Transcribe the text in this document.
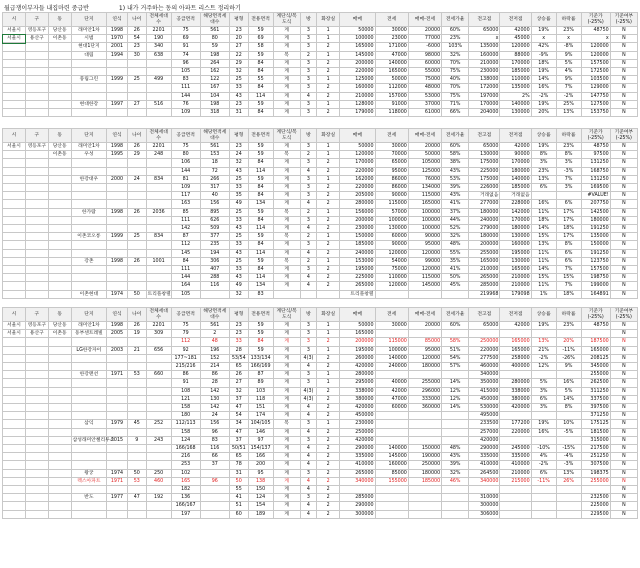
월급쟁이부자들 내집마련 중급반	1) 내가 거주하는 동의 아파트 리스트 정리하기
시	구	동	단지	연식	나이	전체세대수	공급면적	해당면적세대수	평형	전용면적	계단식/복도식	방	화장실	매매	전세	매매-전세	전세가율	전고점	전저점	상승률	하락률	기준가(-25%)	기준여부(-25%)
서울시	영등포구	당산동	래미안1차	1998	26	2201	75	561	23	59	계	3	1	50000	30000	20000	60%	65000	42000	19%	23%	48750	N
서울시	용산구	이촌동	시범	1970	54	190	69	80	20	69	계	3	1	100000	23000	77000	23%	x	45000	x	x	x	N
			현대1단지	2001	23	340	91	59	27	58	계	3	2	165000	171000	-6000	103%	135000	120000	42%	-8%	120000	N
			대림	1994	30	638	74	198	22	59	복	2	1	145000	47000	98000	32%	160000	88000	-9%	9%	120000	N
							96	264	29	84	계	3	2	200000	140000	60000	70%	210000	170000	18%	5%	157500	N
							105	162	32	84	계	3	2	220000	165000	55000	75%	230000	185000	19%	4%	172500	N
			풍림그린	1999	25	499	83	122	25	55	계	3	1	125000	50000	75000	40%	138000	110000	14%	9%	103500	N
							111	167	33	84	계	3	2	160000	112000	48000	70%	172000	135000	16%	7%	129000	N
							144	104	43	114	계	4	2	210000	157000	53000	75%	197000	2%	-2%	-2%	147750	N
			현대한강	1997	27	516	76	198	23	59	계	3	1	128000	91000	37000	71%	170000	140000	19%	25%	127500	N
							109	318	31	84	계	3	2	179000	118000	61000	66%	204000	130000	20%	13%	153750	N
시	구	동	단지	연식	나이	전체세대수	공급면적	해당면적세대수	평형	전용면적	계단식/복도식	방	화장실	매매	전세	매매-전세	전세가율	전고점	전저점	상승률	하락률	기준가(-25%)	기준여부(-25%)
서울시	영등포구	당산동	래미안1차	1998	26	2201	75	561	23	59	계	3	1	50000	30000	20000	60%	65000	42000	19%	23%	48750	N
		이촌동	우성	1995	29	248	80	153	24	59	복	2	1	120000	70000	50000	58%	130000	90000	8%	8%	97500	N
							106	18	32	84	계	3	2	170000	65000	105000	38%	175000	170000	3%	3%	131250	N
							144	72	43	114	계	4	2	220000	95000	125000	43%	225000	180000	23%	-3%	168750	N
			한강대우	2000	24	834	81	266	25	59	계	3	1	162000	86000	76000	53%	175000	140000	13%	7%	131250	N
							109	317	33	84	계	3	2	220000	86000	134000	39%	226000	185000	6%	3%	169500	N
							117	40	35	84	계	3	2	205000	90000	115000	43%	거래없음	거래없음			#VALUE!	N
							163	156	49	134	계	4	2	280000	115000	165000	41%	277000	228000	16%	6%	207750	N
			한가람	1998	26	2036	85	895	25	59	복	2	1	156000	57000	100000	37%	180000	142000	11%	17%	142500	N
							111	626	33	84	계	3	2	200000	100000	100000	44%	240000	170000	18%	17%	180000	N
							142	509	43	114	계	4	2	230000	130000	100000	52%	279000	180000	14%	18%	191250	N
			이촌코오롱	1999	25	834	87	377	25	59	복	2	1	150000	60000	90000	32%	180000	130000	15%	17%	135000	N
							112	235	33	84	계	3	2	185000	90000	95000	48%	200000	160000	13%	8%	150000	N
							145	194	43	114	계	4	2	240000	120000	120000	55%	255000	195000	11%	6%	191250	N
			강촌	1998	26	1001	84	306	25	59	복	2	1	153000	54000	99000	35%	165000	130000	11%	6%	123750	N
							111	407	33	84	계	3	2	195000	75000	120000	41%	210000	165000	14%	7%	157500	N
							144	288	43	114	계	4	2	225000	110000	115000	50%	265000	210000	15%	15%	198750	N
							164	116	49	134	계	4	2	265000	120000	145000	45%	285000	210000	11%	7%	199000	N
			이촌현대	1974	50	트리플창렬	105		32	83				트리플창렬				219968	179098	1%	18%	164891	N
시	구	동	단지	연식	나이	전체세대수	공급면적	해당면적세대수	평형	전용면적	계단식/복도식	방	화장실	매매	전세	매매-전세	전세가율	전고점	전저점	상승률	하락률	기준가(-25%)	기준여부(-25%)
서울시	영등포구	당산동	래미안1차	1998	26	2201	75	561	23	59	계	3	1	50000	30000	20000	60%	65000	42000	19%	23%	48750	N
서울시	용산구	이촌동	동부센트레빌	2005	19	309	79	2	23	59	계	3	1	165000									N
							112	48	33	84	계	3	2	200000	115000	85000	58%	250000	165000	13%	20%	187500	N
			LG한강자이	2003	21	656	92	196	28	59	계	3	1	195000	100000	95000	51%	220000	165000	21%	-11%	165000	N
							177~181	152	53/54	133/134	계	4(3)	2	260000	140000	120000	54%	277500	258000	-2%	-26%	208125	N
							215/216	214	65	166/169	계	4	2	420000	240000	180000	57%	460000	400000	12%	9%	345000	N
			한강맨션	1971	53	660	86	86	26	87	계	3	1	280000				340000				255000	N
							91	28	27	89	계	3	1	295000	40000	255000	14%	350000	280000	5%	16%	262500	N
							108	142	32	103	계	4(3)	2	338000	42000	296000	12%	415000	338000	3%	5%	311250	N
							121	130	37	118	계	4(3)	2	380000	47000	333000	12%	450000	380000	6%	14%	337500	N
							158	142	47	151	계	4	2	420000	60000	360000	14%	530000	420000	3%	8%	397500	N
							180	24	54	174	계	4	2	450000				495000				371250	N
			삼익	1979	45	252	112/113	156	34	104/105	복	3	1	230000				233500	177200	19%	10%	175125	N
							158	96	47	146	계	4	2	250000				257000	220000	16%	-5%	181500	N
			삼성래미안첼리투스	2015	9	243	124	83	37	97	계	3	2	420000				420000				315000	N
							166/168	116	50/51	154/137	계	4	2	290000	140000	150000	48%	290000	245000	-10%	-15%	217500	N
							216	66	65	166	계	4	2	335000	145000	190000	43%	335000	335000	4%	-4%	251250	N
							253	37	78	200	계	4	2	410000	160000	250000	39%	410000	410000	-2%	-3%	307500	N
			왕궁	1974	50	250	102		31	95	계	3	2	265000	85000	180000	32%	264500	210000	6%	13%	198375	N
			렉스아파트	1971	53	460	165	96	50	138	계	4	2	340000	155000	185000	46%	340000	215000	-11%	26%	255000	N
							182		55	150	계	4	2										N
			반도	1977	47	192	136		41	124	계	3	2	285000				310000				232500	N
							166/167		51	154	계	4	2	290000				300000				225000	N
							197		60	189	계	4	2	300000				306000				229500	N
